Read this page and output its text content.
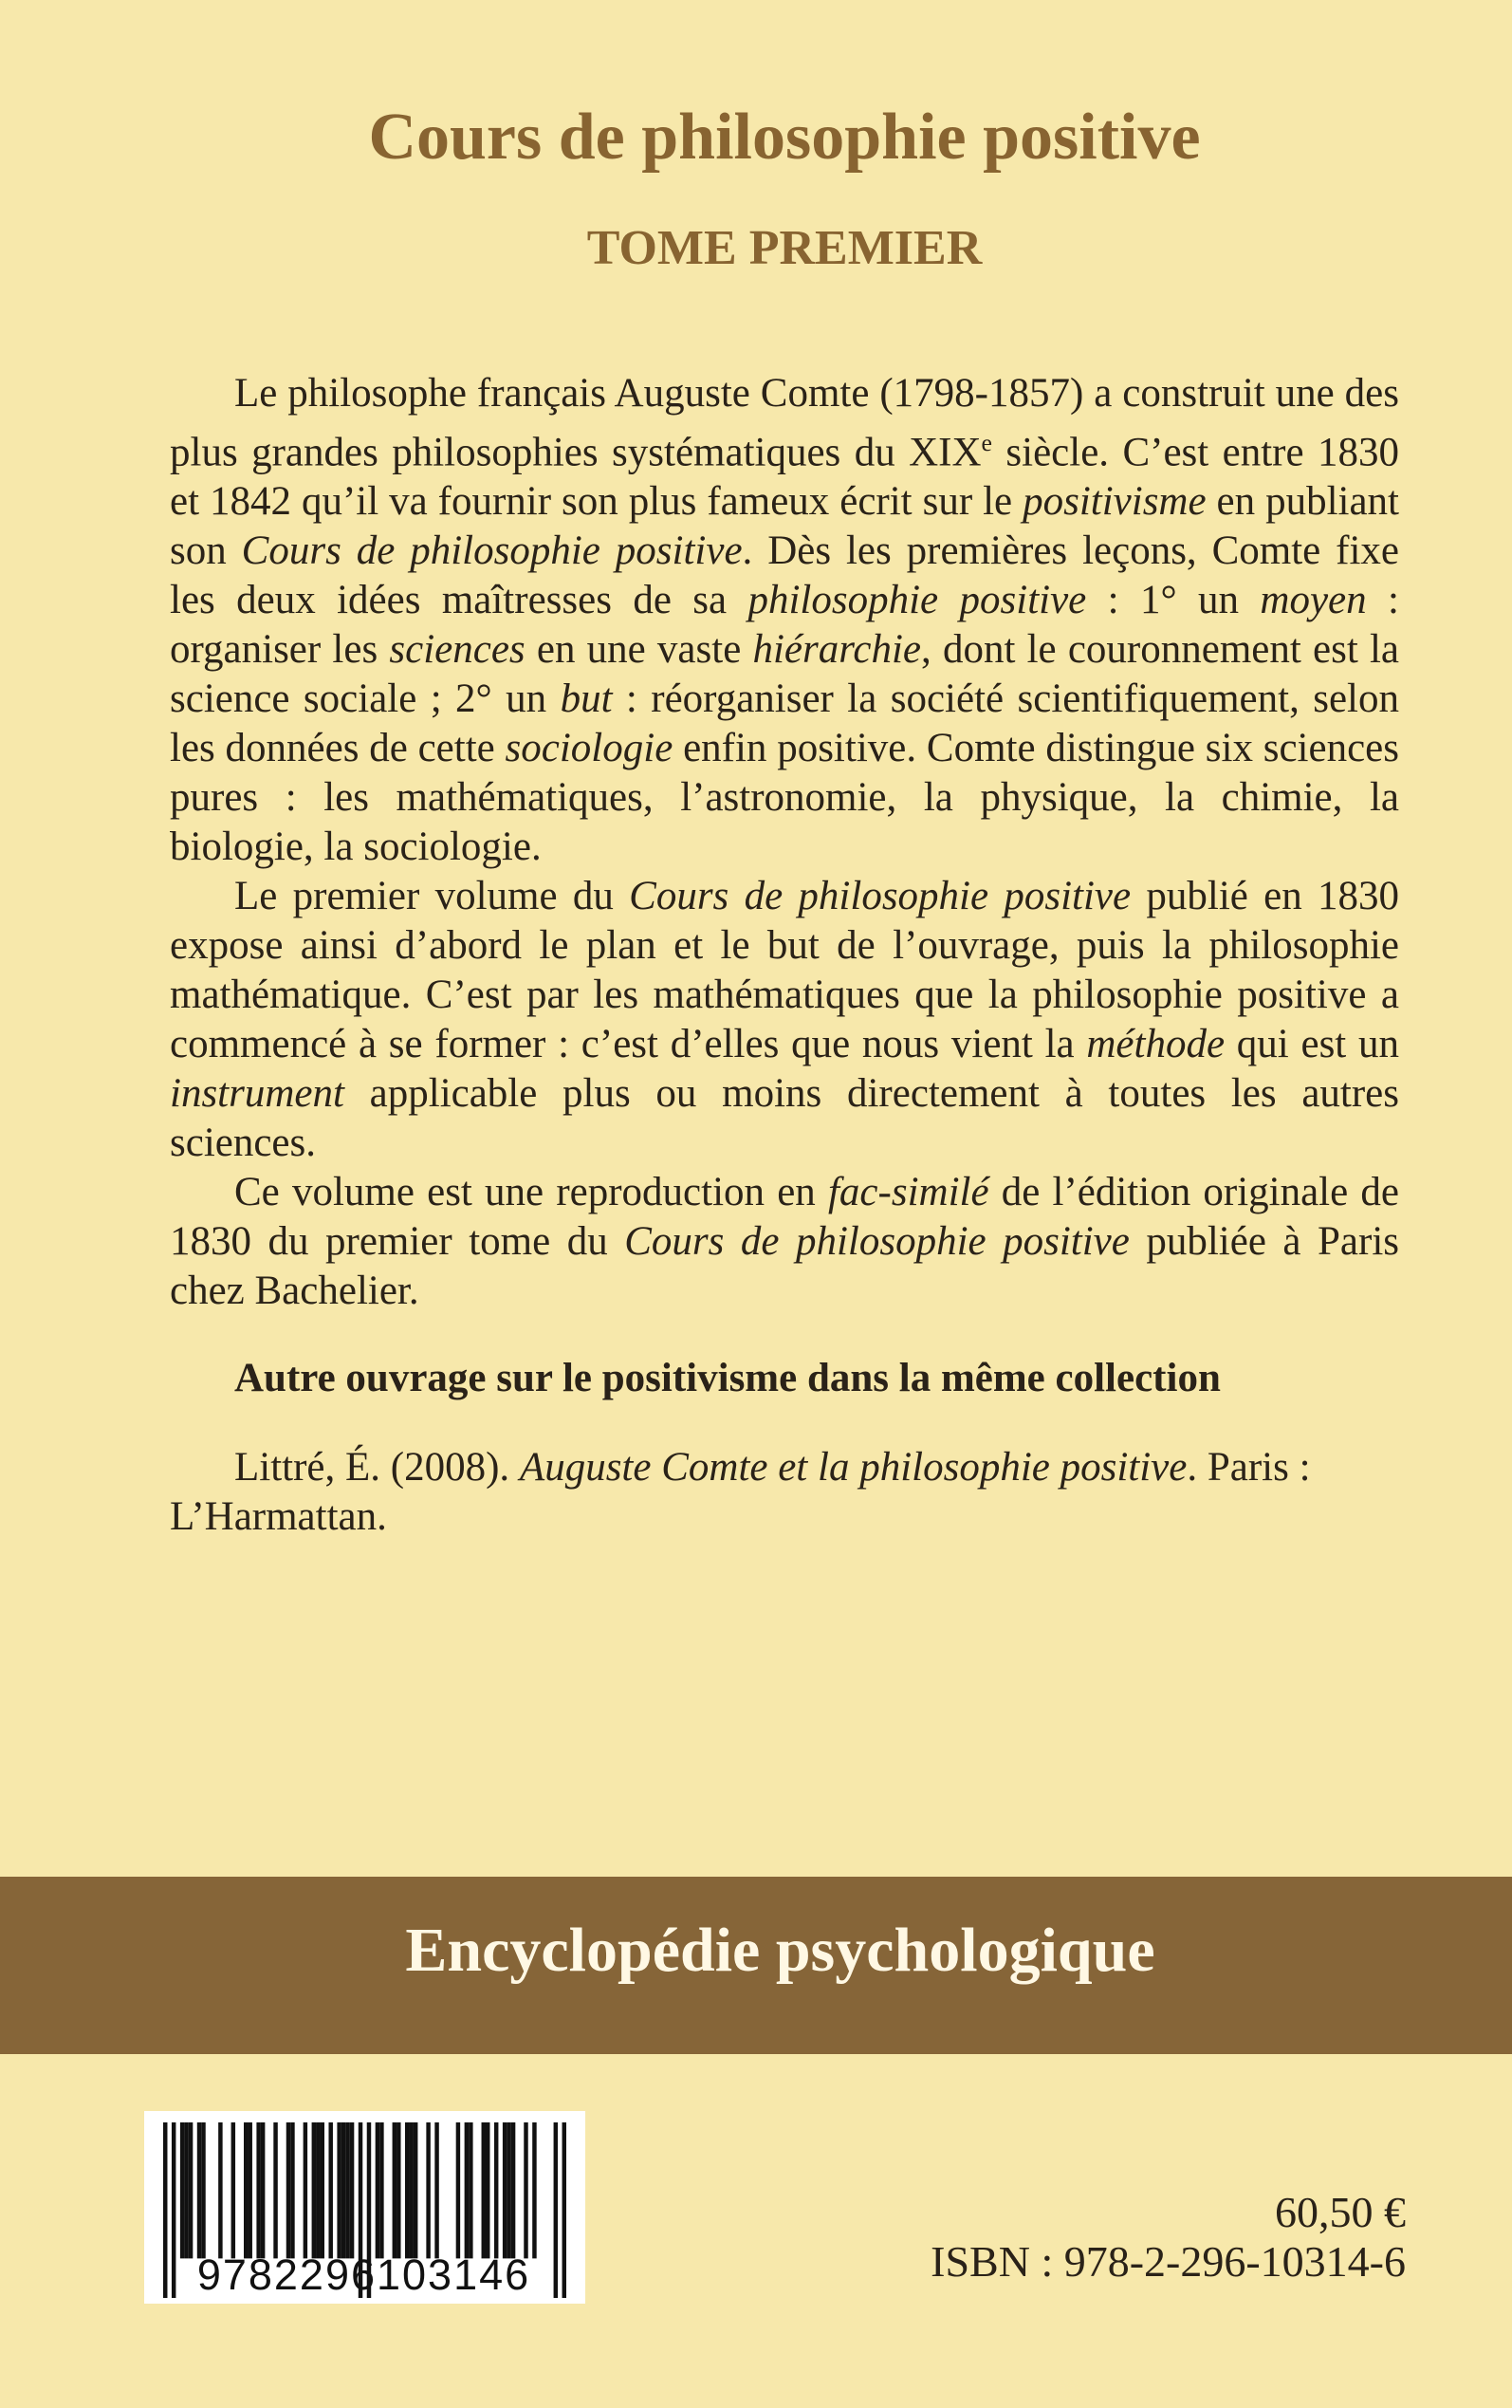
Cours de philosophie positive
TOME PREMIER

Le philosophe français Auguste Comte (1798-1857) a construit une des plus grandes philosophies systématiques du XIXe siècle. C’est entre 1830 et 1842 qu’il va fournir son plus fameux écrit sur le positivisme en publiant son Cours de philosophie positive. Dès les premières leçons, Comte fixe les deux idées maîtresses de sa philosophie positive : 1° un moyen : organiser les sciences en une vaste hiérarchie, dont le couronnement est la science sociale ; 2° un but : réorganiser la société scientifiquement, selon les données de cette sociologie enfin positive. Comte distingue six sciences pures : les mathématiques, l’astronomie, la physique, la chimie, la biologie, la sociologie.

Le premier volume du Cours de philosophie positive publié en 1830 expose ainsi d’abord le plan et le but de l’ouvrage, puis la philosophie mathématique. C’est par les mathématiques que la philosophie positive a commencé à se former : c’est d’elles que nous vient la méthode qui est un instrument applicable plus ou moins directement à toutes les autres sciences.

Ce volume est une reproduction en fac-similé de l’édition originale de 1830 du premier tome du Cours de philosophie positive publiée à Paris chez Bachelier.

Autre ouvrage sur le positivisme dans la même collection

Littré, É. (2008). Auguste Comte et la philosophie positive. Paris : L’Harmattan.

Encyclopédie psychologique
9782296103146
60,50 €
ISBN : 978-2-296-10314-6
